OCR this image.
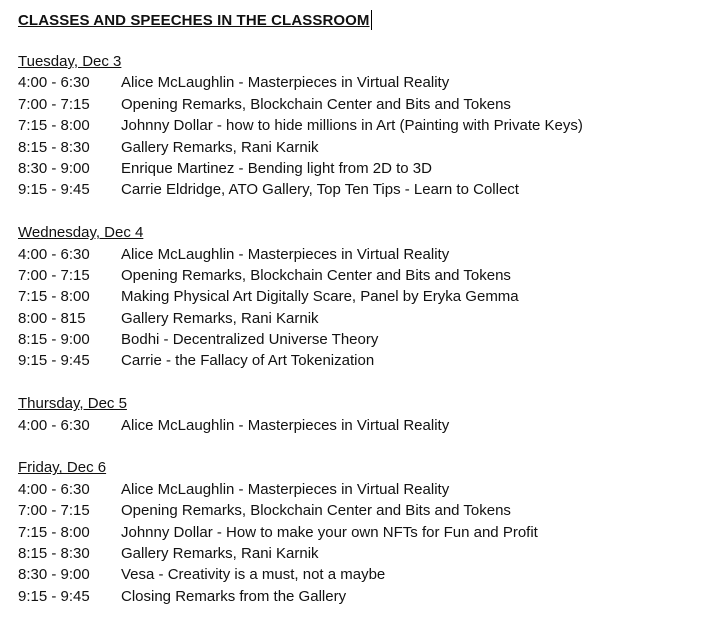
CLASSES AND SPEECHES IN THE CLASSROOM
Tuesday, Dec 3
4:00 - 6:30	Alice McLaughlin - Masterpieces in Virtual Reality
7:00 - 7:15	Opening Remarks, Blockchain Center and Bits and Tokens
7:15 - 8:00	Johnny Dollar - how to hide millions in Art (Painting with Private Keys)
8:15 - 8:30	Gallery Remarks, Rani Karnik
8:30 - 9:00	Enrique Martinez - Bending light from 2D to 3D
9:15 - 9:45	Carrie Eldridge, ATO Gallery, Top Ten Tips - Learn to Collect
Wednesday, Dec 4
4:00 - 6:30	Alice McLaughlin - Masterpieces in Virtual Reality
7:00 - 7:15	Opening Remarks, Blockchain Center and Bits and Tokens
7:15 - 8:00	Making Physical Art Digitally Scare, Panel by Eryka Gemma
8:00 - 815	Gallery Remarks, Rani Karnik
8:15 - 9:00	Bodhi - Decentralized Universe Theory
9:15 - 9:45	Carrie - the Fallacy of Art Tokenization
Thursday, Dec 5
4:00 - 6:30	Alice McLaughlin - Masterpieces in Virtual Reality
Friday, Dec 6
4:00 - 6:30	Alice McLaughlin - Masterpieces in Virtual Reality
7:00 - 7:15	Opening Remarks, Blockchain Center and Bits and Tokens
7:15 - 8:00	Johnny Dollar - How to make your own NFTs for Fun and Profit
8:15 - 8:30	Gallery Remarks, Rani Karnik
8:30 - 9:00	Vesa - Creativity is a must, not a maybe
9:15 - 9:45	Closing Remarks from the Gallery
